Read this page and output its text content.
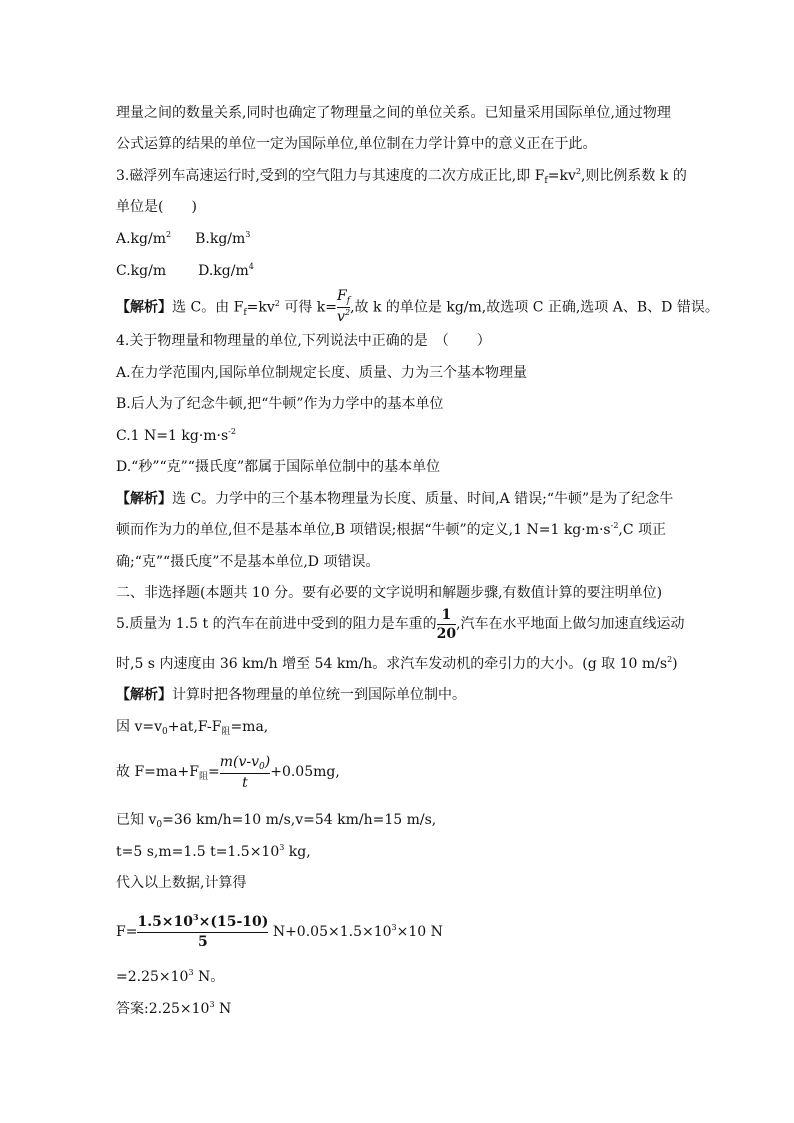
理量之间的数量关系,同时也确定了物理量之间的单位关系。已知量采用国际单位,通过物理
公式运算的结果的单位一定为国际单位,单位制在力学计算中的意义正在于此。
3.磁浮列车高速运行时,受到的空气阻力与其速度的二次方成正比,即 $F_f=kv^2$,则比例系数 k 的
单位是(　　)
$A.kg/m^2$ $B.kg/m^3$
C.kg/m $D.kg/m^4$
【解析】选 C。由 $F_f=kv^2$ 可得 $k= \frac{F_f}{v^2}$ ,故 k 的单位是 kg/m,故选项 C 正确,选项 A、B、D 错误。
4.关于物理量和物理量的单位,下列说法中正确的是　（　　）
A.在力学范围内,国际单位制规定长度、质量、力为三个基本物理量
B.后人为了纪念牛顿,把“牛顿”作为力学中的基本单位
C.1 N=1 $kg\cdot m\cdot s^{-2}$
D.“秒”“克”“摄氏度”都属于国际单位制中的基本单位
【解析】选 C。力学中的三个基本物理量为长度、质量、时间,A 错误;“牛顿”是为了纪念牛
顿而作为力的单位,但不是基本单位,B 项错误;根据“牛顿”的定义,1 N=1 $kg\cdot m\cdot s^{-2},C$ 项正
确;“克”“摄氏度”不是基本单位,D 项错误。
二、非选择题(本题共 10 分。要有必要的文字说明和解题步骤,有数值计算的要注明单位)
5.质量为 1.5 t 的汽车在前进中受到的阻力是车重的 $\frac{1}{20}$ ,汽车在水平地面上做匀加速直线运动
时,5 s 内速度由 36 km/h 增至 54 km/h。求汽车发动机的牵引力的大小。(g 取 10 $m/s^2$)
【解析】计算时把各物理量的单位统一到国际单位制中。
因 $v=v_0+at,F-F_阻=ma$,
故 $F=ma+F_阻= \frac{m(v-v_0)}{t} +0.05mg$,
已知 $v_0=36$ km/h=10 m/s,v=54 km/h=15 m/s,
t=5 s,m=1.5 $t=1.5\times 10^3$ kg,
代入以上数据,计算得
$F= \frac{1.5\times 10^3\times(15-10)}{5} N+0.05\times 1.5\times 10^3\times 10$ N
$=2.25\times 10^3$ N。
答案$:2.25\times 10^3$ N
